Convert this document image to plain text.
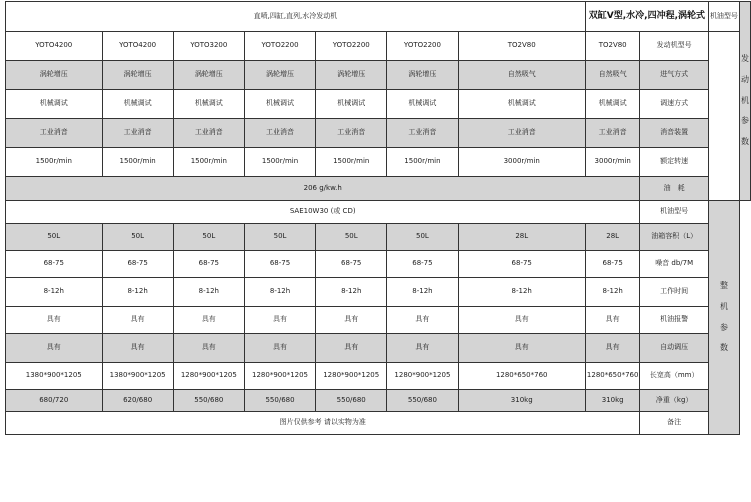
直喷,四缸,直列,水冷发动机							双缸V型,水冷,四冲程,涡轮式		机油型号	发
动
机
参
数
YOTO4200	YOTO4200	YOTO3200	YOTO2200	YOTO2200	YOTO2200	TO2V80	TO2V80	发动机型号		
涡轮增压	涡轮增压	涡轮增压	涡轮增压	涡轮增压	涡轮增压	自然吸气	自然吸气	进气方式		
机械调试	机械调试	机械调试	机械调试	机械调试	机械调试	机械调试	机械调试	调速方式		
工业消音	工业消音	工业消音	工业消音	工业消音	工业消音	工业消音	工业消音	消音装置		
1500r/min	1500r/min	1500r/min	1500r/min	1500r/min	1500r/min	3000r/min	3000r/min	额定转速		
206 g/kw.h								油　耗		
SAE10W30 (或 CD)								机油型号	整
机
参
数	
50L	50L	50L	50L	50L	50L	28L	28L	油箱容积（L）		
68-75	68-75	68-75	68-75	68-75	68-75	68-75	68-75	噪音 db/7M		
8-12h	8-12h	8-12h	8-12h	8-12h	8-12h	8-12h	8-12h	工作时间		
具有	具有	具有	具有	具有	具有	具有	具有	机油报警		
具有	具有	具有	具有	具有	具有	具有	具有	自动调压		
1380*900*1205	1380*900*1205	1280*900*1205	1280*900*1205	1280*900*1205	1280*900*1205	1280*650*760	1280*650*760	长宽高（mm）		
680/720	620/680	550/680	550/680	550/680	550/680	310kg	310kg	净重（kg）		
图片仅供参考 请以实物为准								备注		
